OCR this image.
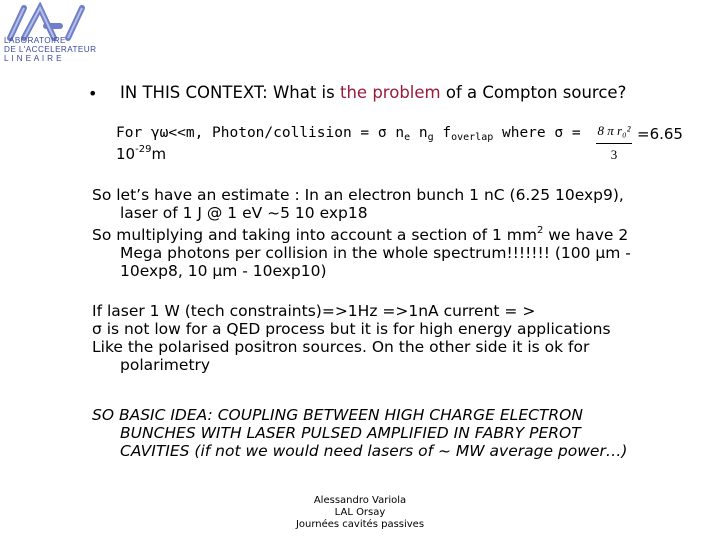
LABORATOIRE
DE L'ACCELERATEUR
L I N E A I R E
• IN THIS CONTEXT: What is the problem of a Compton source?
For γω<<m, Photon/collision = σ $n_e$ $n_g$ $f_{overlap}$ where σ = 8 π r₀²
3
=6.65
$10^{-29}m$
So let’s have an estimate : In an electron bunch 1 nC (6.25 10exp9),
laser of 1 J @ 1 eV ~5 10 exp18
So multiplying and taking into account a section of 1 $mm^2$ we have 2
Mega photons per collision in the whole spectrum!!!!!!! (100 μm -
10exp8, 10 μm - 10exp10)
If laser 1 W (tech constraints)=>1Hz =>1nA current = >
σ is not low for a QED process but it is for high energy applications
Like the polarised positron sources. On the other side it is ok for
polarimetry
SO BASIC IDEA: COUPLING BETWEEN HIGH CHARGE ELECTRON
BUNCHES WITH LASER PULSED AMPLIFIED IN FABRY PEROT
CAVITIES (if not we would need lasers of ~ MW average power…)
Alessandro Variola
LAL Orsay
Journées cavités passives
